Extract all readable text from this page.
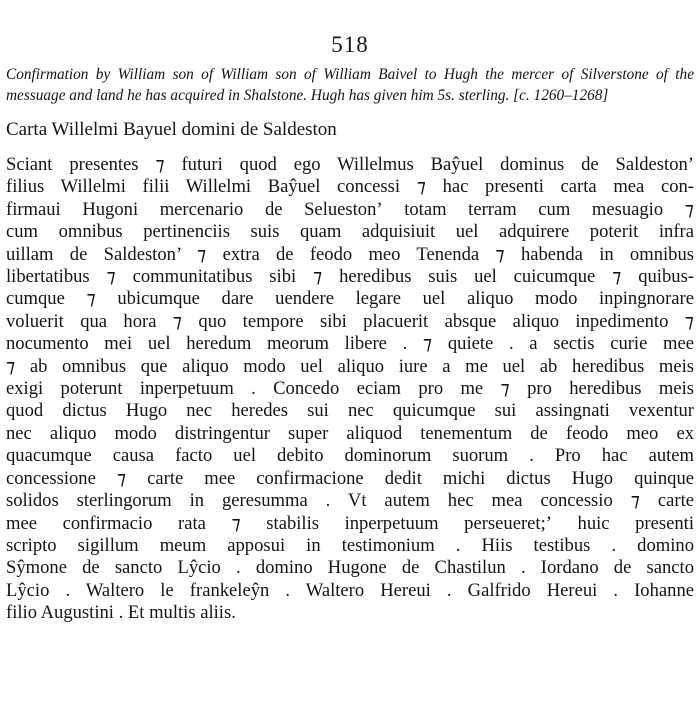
518
Confirmation by William son of William son of William Baivel to Hugh the mercer of Silverstone of the messuage and land he has acquired in Shalstone. Hugh has given him 5s. sterling. [c. 1260–1268]
Carta Willelmi Bayuel domini de Saldeston
Sciant presentes ⁊ futuri quod ego Willelmus Baŷuel dominus de Saldeston’
filius Willelmi filii Willelmi Baŷuel concessi ⁊ hac presenti carta mea con-
firmaui Hugoni mercenario de Seluestonʼ totam terram cum mesuagio ⁊
cum omnibus pertinenciis suis quam adquisiuit uel adquirere poterit infra
uillam de Saldeston’ ⁊ extra de feodo meo Tenenda ⁊ habenda in omnibus
libertatibus ⁊ communitatibus sibi ⁊ heredibus suis uel cuicumque ⁊ quibus-
cumque ⁊ ubicumque dare uendere legare uel aliquo modo inpingnorare
voluerit qua hora ⁊ quo tempore sibi placuerit absque aliquo inpedimento ⁊
nocumento mei uel heredum meorum libere . ⁊ quiete . a sectis curie mee
⁊ ab omnibus que aliquo modo uel aliquo iure a me uel ab heredibus meis
exigi poterunt inperpetuum . Concedo eciam pro me ⁊ pro heredibus meis
quod dictus Hugo nec heredes sui nec quicumque sui assingnati vexentur
nec aliquo modo distringentur super aliquod tenementum de feodo meo ex
quacumque causa facto uel debito dominorum suorum . Pro hac autem
concessione ⁊ carte mee confirmacione dedit michi dictus Hugo quinque
solidos sterlingorum in geresumma . Vt autem hec mea concessio ⁊ carte
mee confirmacio rata ⁊ stabilis inperpetuum perseueret;ʼ huic presenti
scripto sigillum meum apposui in testimonium . Hiis testibus . domino
Sŷmone de sancto Lŷcio . domino Hugone de Chastilun . Iordano de sancto
Lŷcio . Waltero le frankeleŷn . Waltero Hereui . Galfrido Hereui . Iohanne
filio Augustini . Et multis aliis.
